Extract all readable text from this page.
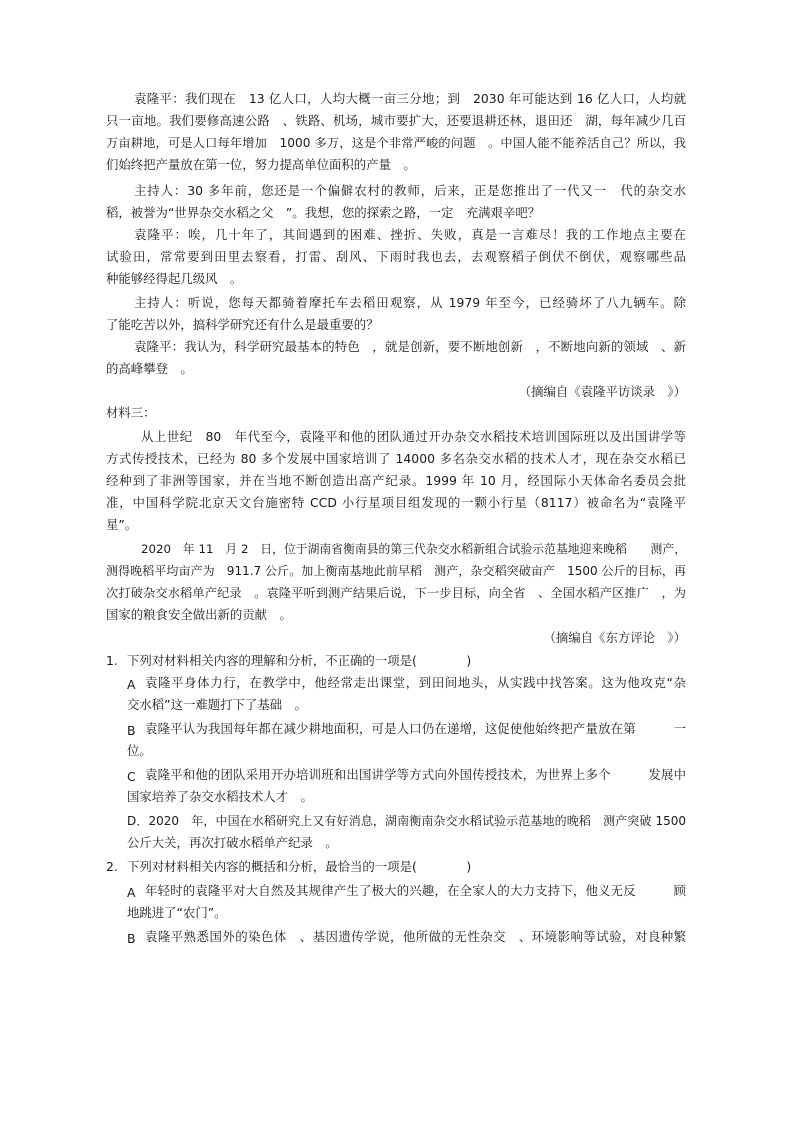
袁隆平：我们现在　13 亿人口，人均大概一亩三分地；到　2030 年可能达到 16 亿人口，人均就
只一亩地。我们要修高速公路　、铁路、机场，城市要扩大，还要退耕还林，退田还　湖，每年减少几百
万亩耕地，可是人口每年增加　1000 多万，这是个非常严峻的问题　。中国人能不能养活自己？所以，我
们始终把产量放在第一位，努力提高单位面积的产量　。
主持人：30 多年前，您还是一个偏僻农村的教师，后来，正是您推出了一代又一　代的杂交水
稻，被誉为“世界杂交水稻之父　”。我想，您的探索之路，一定　充满艰辛吧？
袁隆平：唉，几十年了，其间遇到的困难、挫折、失败，真是一言难尽！我的工作地点主要在
试验田，常常要到田里去察看，打雷、刮风、下雨时我也去，去观察稻子倒伏不倒伏，观察哪些品
种能够经得起几级风　。
主持人：听说，您每天都骑着摩托车去稻田观察，从 1979 年至今，已经骑坏了八九辆车。除
了能吃苦以外，搞科学研究还有什么是最重要的？
袁隆平：我认为，科学研究最基本的特色　，就是创新，要不断地创新　，不断地向新的领域　、新
的高峰攀登　。
（摘编自《袁隆平访谈录　》）
材料三：
从上世纪　80　年代至今，袁隆平和他的团队通过开办杂交水稻技术培训国际班以及出国讲学等
方式传授技术，已经为 80 多个发展中国家培训了 14000 多名杂交水稻的技术人才，现在杂交水稻已
经种到了非洲等国家，并在当地不断创造出高产纪录。1999 年 10 月，经国际小天体命名委员会批
准，中国科学院北京天文台施密特 CCD 小行星项目组发现的一颗小行星（8117）被命名为“袁隆平
星”。
2020　年 11　月 2　日，位于湖南省衡南县的第三代杂交水稻新组合试验示范基地迎来晚稻　　测产，
测得晚稻平均亩产为　911.7 公斤。加上衡南基地此前早稻　测产，杂交稻突破亩产　1500 公斤的目标，再
次打破杂交水稻单产纪录　。袁隆平听到测产结果后说，下一步目标，向全省　、全国水稻产区推广　，为
国家的粮食安全做出新的贡献　。
（摘编自《东方评论　》）
1. 下列对材料相关内容的理解和分析，不正确的一项是(　　　　)
A 袁隆平身体力行，在教学中，他经常走出课堂，到田间地头，从实践中找答案。这为他攻克“杂
交水稻”这一难题打下了基础　。
B 袁隆平认为我国每年都在减少耕地面积，可是人口仍在递增，这促使他始终把产量放在第　　　一
位。
C 袁隆平和他的团队采用开办培训班和出国讲学等方式向外国传授技术，为世界上多个　　　发展中
国家培养了杂交水稻技术人才　。
D．2020　年，中国在水稻研究上又有好消息，湖南衡南杂交水稻试验示范基地的晚稻　测产突破 1500
公斤大关，再次打破水稻单产纪录　。
2. 下列对材料相关内容的概括和分析，最恰当的一项是(　　　　)
A 年轻时的袁隆平对大自然及其规律产生了极大的兴趣，在全家人的大力支持下，他义无反　　　顾
地跳进了“农门”。
B 袁隆平熟悉国外的染色体　、基因遗传学说，他所做的无性杂交　、环境影响等试验，对良种繁
